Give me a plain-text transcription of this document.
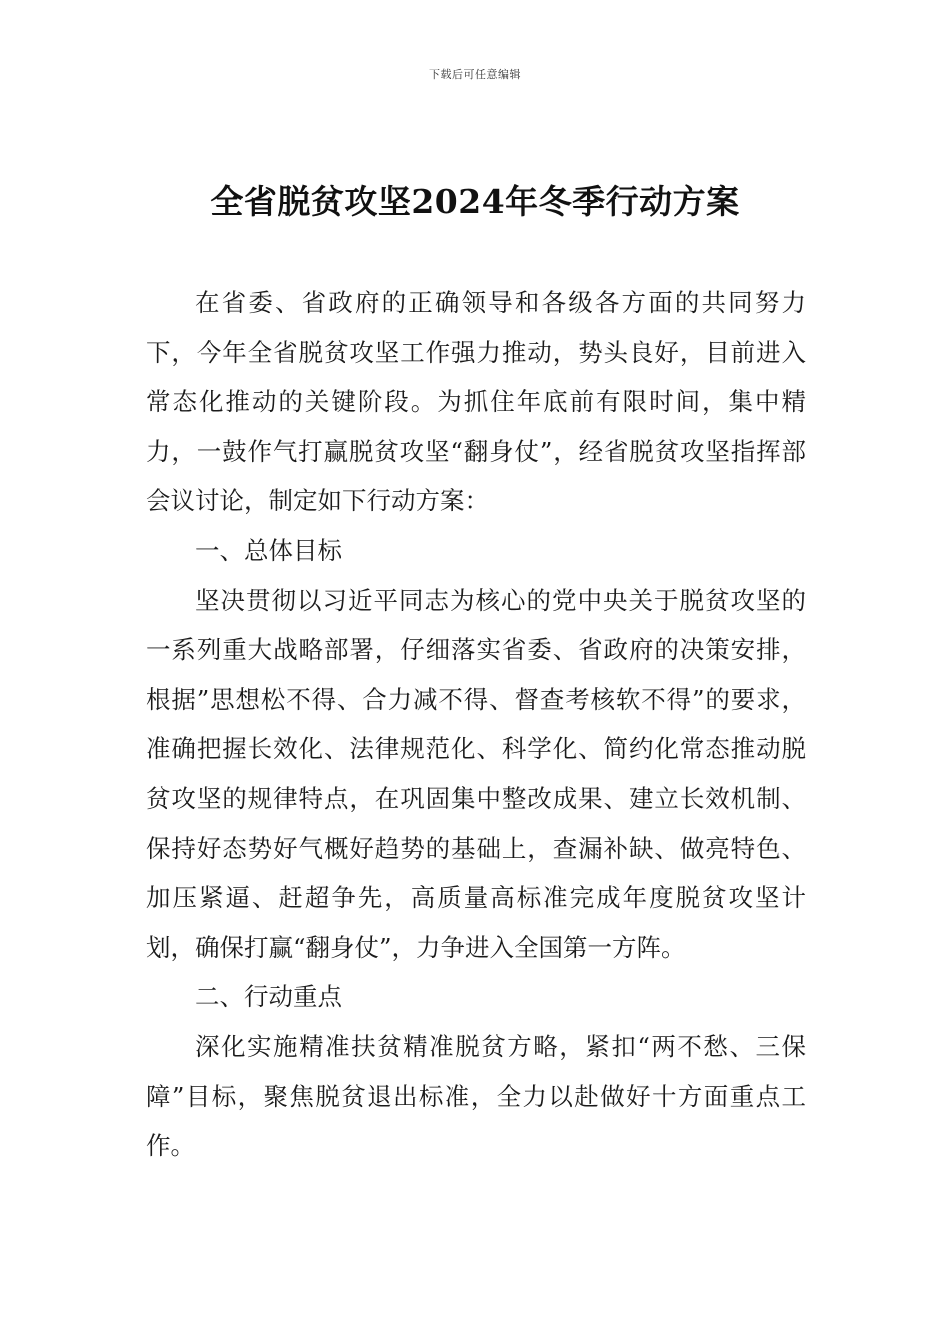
下载后可任意编辑
全省脱贫攻坚2024年冬季行动方案

在省委、省政府的正确领导和各级各方面的共同努力下，今年全省脱贫攻坚工作强力推动，势头良好，目前进入常态化推动的关键阶段。为抓住年底前有限时间，集中精力，一鼓作气打赢脱贫攻坚“翻身仗”，经省脱贫攻坚指挥部会议讨论，制定如下行动方案：

一、总体目标

坚决贯彻以习近平同志为核心的党中央关于脱贫攻坚的一系列重大战略部署，仔细落实省委、省政府的决策安排，根据”思想松不得、合力减不得、督查考核软不得”的要求，准确把握长效化、法律规范化、科学化、简约化常态推动脱贫攻坚的规律特点，在巩固集中整改成果、建立长效机制、保持好态势好气概好趋势的基础上，查漏补缺、做亮特色、加压紧逼、赶超争先，高质量高标准完成年度脱贫攻坚计划，确保打赢“翻身仗”，力争进入全国第一方阵。

二、行动重点

深化实施精准扶贫精准脱贫方略，紧扣“两不愁、三保障”目标，聚焦脱贫退出标准，全力以赴做好十方面重点工作。
